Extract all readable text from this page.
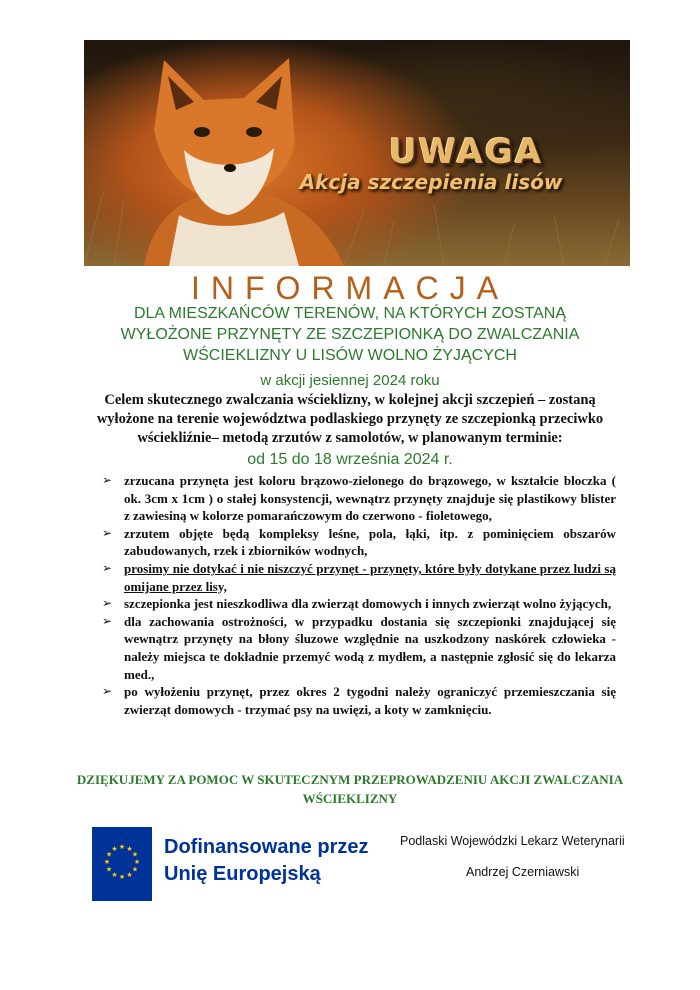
UWAGA
Akcja szczepienia lisów
INFORMACJA
DLA MIESZKAŃCÓW TERENÓW, NA KTÓRYCH ZOSTANĄ
WYŁOŻONE PRZYNĘTY ZE SZCZEPIONKĄ DO ZWALCZANIA
WŚCIEKLIZNY U LISÓW WOLNO ŻYJĄCYCH
w akcji jesiennej 2024 roku
Celem skutecznego zwalczania wścieklizny, w kolejnej akcji szczepień – zostaną wyłożone na terenie województwa podlaskiego przynęty ze szczepionką przeciwko wściekliźnie– metodą zrzutów z samolotów, w planowanym terminie:
od 15 do 18 września 2024 r.
➢ zrzucana przynęta jest koloru brązowo-zielonego do brązowego, w kształcie bloczka ( ok. 3cm x 1cm ) o stałej konsystencji, wewnątrz przynęty znajduje się plastikowy blister z zawiesiną w kolorze pomarańczowym do czerwono - fioletowego,
➢ zrzutem objęte będą kompleksy leśne, pola, łąki, itp. z pominięciem obszarów zabudowanych, rzek i zbiorników wodnych,
➢ prosimy nie dotykać i nie niszczyć przynęt - przynęty, które były dotykane przez ludzi są omijane przez lisy,
➢ szczepionka jest nieszkodliwa dla zwierząt domowych i innych zwierząt wolno żyjących,
➢ dla zachowania ostrożności, w przypadku dostania się szczepionki znajdującej się wewnątrz przynęty na błony śluzowe względnie na uszkodzony naskórek człowieka - należy miejsca te dokładnie przemyć wodą z mydłem, a następnie zgłosić się do lekarza med.,
➢ po wyłożeniu przynęt, przez okres 2 tygodni należy ograniczyć przemieszczania się zwierząt domowych - trzymać psy na uwięzi, a koty w zamknięciu.
DZIĘKUJEMY ZA POMOC W SKUTECZNYM PRZEPROWADZENIU AKCJI ZWALCZANIA WŚCIEKLIZNY
★ ★
★
★
★
★
★
★
★
★
★
★ Dofinansowane przez
Unię Europejską
Podlaski Wojewódzki Lekarz Weterynarii
Andrzej Czerniawski
